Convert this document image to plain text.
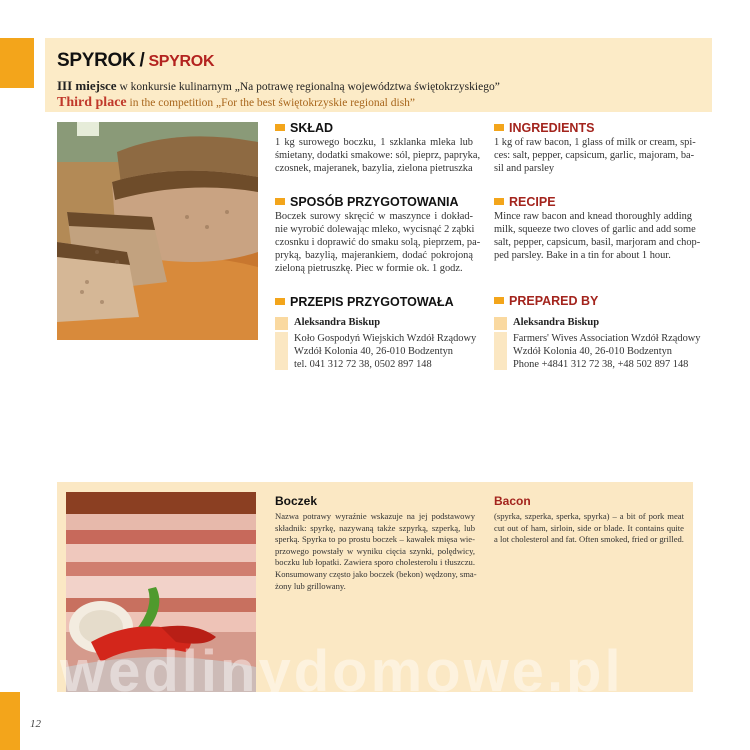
SPYROK / SPYROK
III miejsce w konkursie kulinarnym „Na potrawę regionalną województwa świętokrzyskiego”
Third place in the competition „For the best świętokrzyskie regional dish”
SKŁAD
1 kg surowego boczku, 1 szklanka mleka lub
śmietany, dodatki smakowe: sól, pieprz, papryka,
czosnek, majeranek, bazylia, zielona pietruszka
INGREDIENTS
1 kg of raw bacon, 1 glass of milk or cream, spi-
ces: salt, pepper, capsicum, garlic, majoram, ba-
sil and parsley
SPOSÓB PRZYGOTOWANIA
Boczek surowy skręcić w maszynce i dokład-
nie wyrobić dolewając mleko, wycisnąć 2 ząbki
czosnku i doprawić do smaku solą, pieprzem, pa-
pryką, bazylią, majerankiem, dodać pokrojoną
zieloną pietruszkę. Piec w formie ok. 1 godz.
RECIPE
Mince raw bacon and knead thoroughly adding
milk, squeeze two cloves of garlic and add some
salt, pepper, capsicum, basil, marjoram and chop-
ped parsley. Bake in a tin for about 1 hour.
PRZEPIS PRZYGOTOWAŁA
Aleksandra Biskup
Koło Gospodyń Wiejskich Wzdół Rządowy
Wzdół Kolonia 40, 26-010 Bodzentyn
tel. 041 312 72 38, 0502 897 148
PREPARED BY
Aleksandra Biskup
Farmers' Wives Association Wzdół Rządowy
Wzdół Kolonia 40, 26-010 Bodzentyn
Phone +4841 312 72 38, +48 502 897 148
Boczek
Nazwa potrawy wyraźnie wskazuje na jej podstawowy
składnik: spyrkę, nazywaną także szpyrką, szperką, lub
sperką. Spyrka to po prostu boczek – kawałek mięsa wie-
przowego powstały w wyniku cięcia szynki, polędwicy,
boczku lub łopatki. Zawiera sporo cholesterolu i tłuszczu.
Konsumowany często jako boczek (bekon) wędzony, sma-
żony lub grillowany.
Bacon
(spyrka, szperka, sperka, spyrka) – a bit of pork meat
cut out of ham, sirloin, side or blade. It contains quite
a lot cholesterol and fat. Often smoked, fried or grilled.
wedlinydomowe.pl
12
